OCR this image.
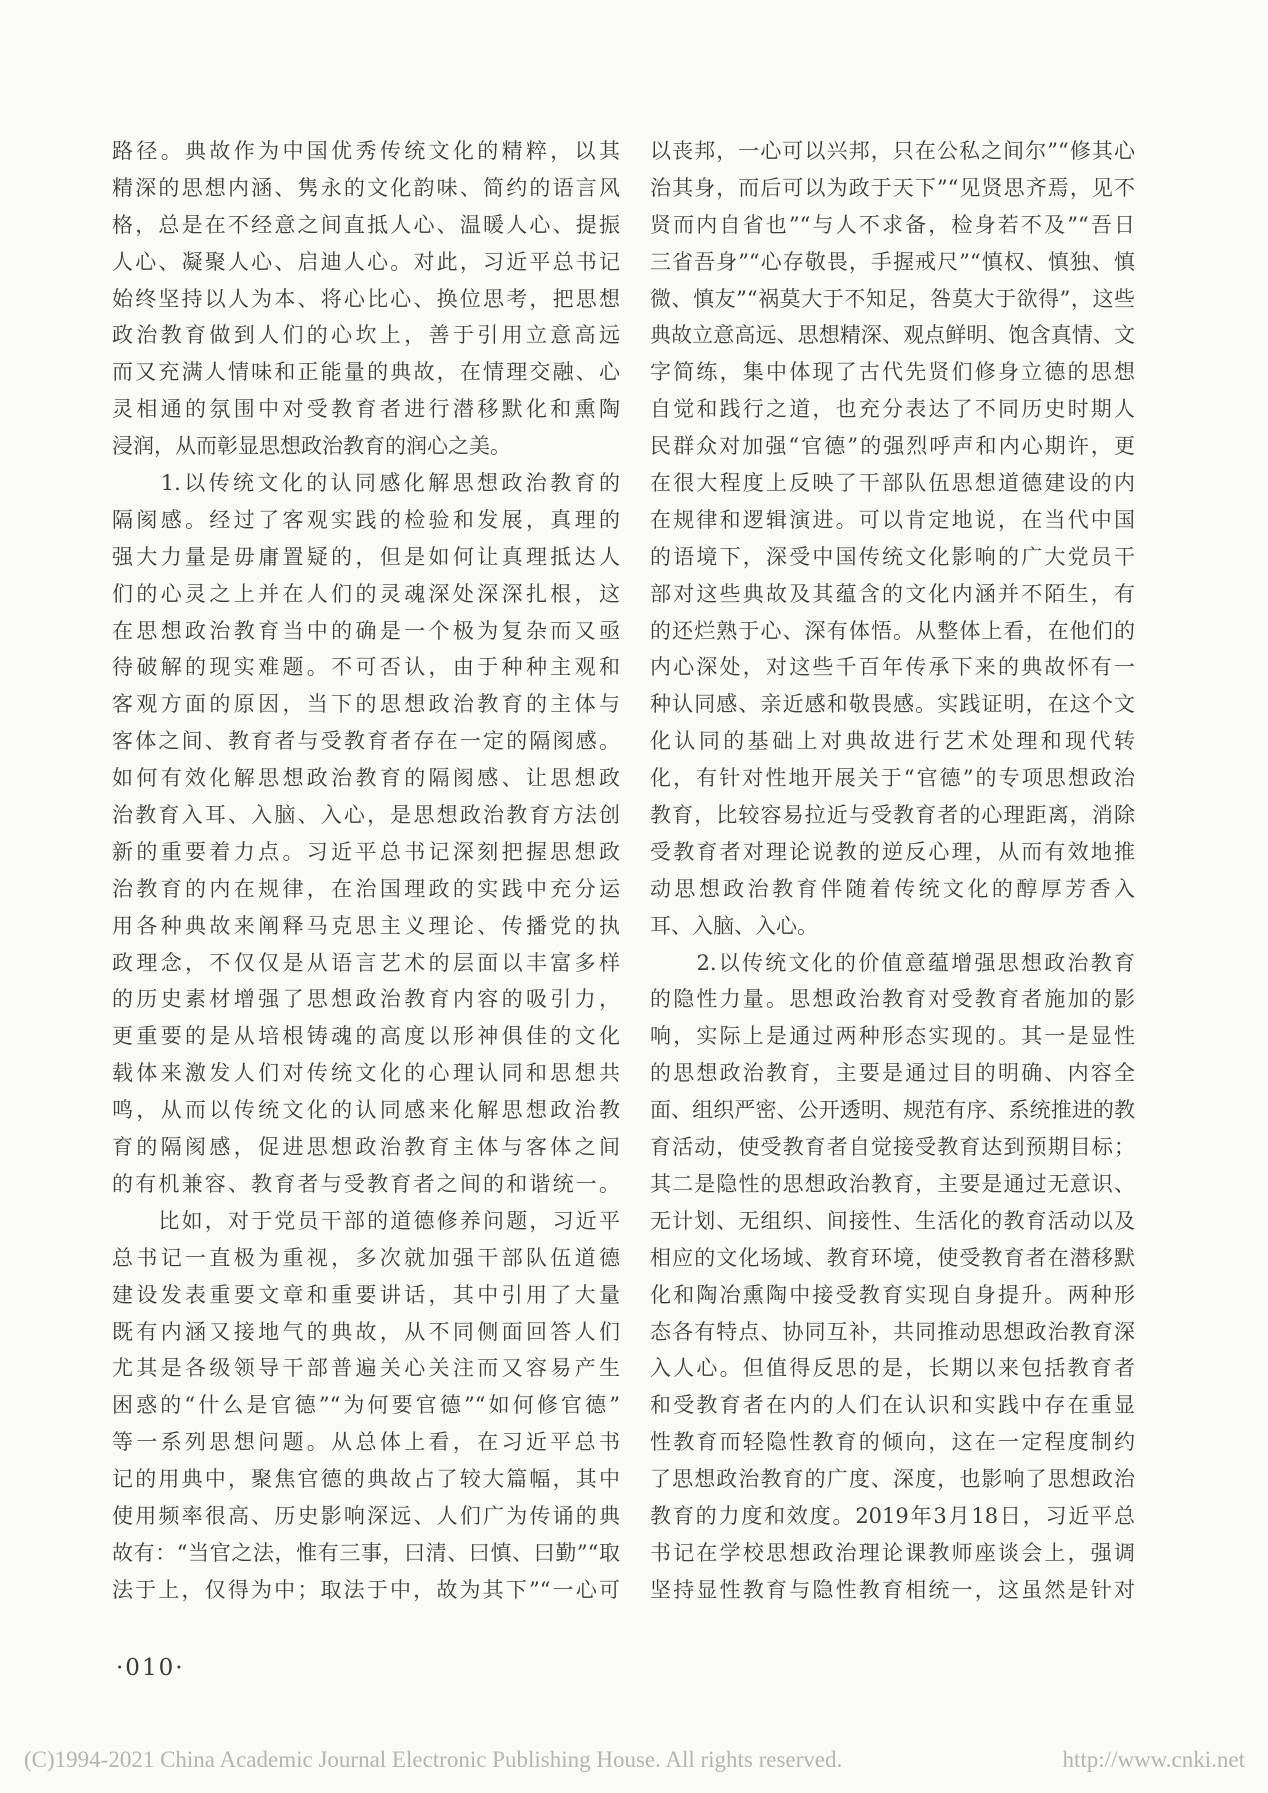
路径。典故作为中国优秀传统文化的精粹，以其
精深的思想内涵、隽永的文化韵味、简约的语言风
格，总是在不经意之间直抵人心、温暖人心、提振
人心、凝聚人心、启迪人心。对此，习近平总书记
始终坚持以人为本、将心比心、换位思考，把思想
政治教育做到人们的心坎上，善于引用立意高远
而又充满人情味和正能量的典故，在情理交融、心
灵相通的氛围中对受教育者进行潜移默化和熏陶
浸润，从而彰显思想政治教育的润心之美。
　　1.以传统文化的认同感化解思想政治教育的
隔阂感。经过了客观实践的检验和发展，真理的
强大力量是毋庸置疑的，但是如何让真理抵达人
们的心灵之上并在人们的灵魂深处深深扎根，这
在思想政治教育当中的确是一个极为复杂而又亟
待破解的现实难题。不可否认，由于种种主观和
客观方面的原因，当下的思想政治教育的主体与
客体之间、教育者与受教育者存在一定的隔阂感。
如何有效化解思想政治教育的隔阂感、让思想政
治教育入耳、入脑、入心，是思想政治教育方法创
新的重要着力点。习近平总书记深刻把握思想政
治教育的内在规律，在治国理政的实践中充分运
用各种典故来阐释马克思主义理论、传播党的执
政理念，不仅仅是从语言艺术的层面以丰富多样
的历史素材增强了思想政治教育内容的吸引力，
更重要的是从培根铸魂的高度以形神俱佳的文化
载体来激发人们对传统文化的心理认同和思想共
鸣，从而以传统文化的认同感来化解思想政治教
育的隔阂感，促进思想政治教育主体与客体之间
的有机兼容、教育者与受教育者之间的和谐统一。
　　比如，对于党员干部的道德修养问题，习近平
总书记一直极为重视，多次就加强干部队伍道德
建设发表重要文章和重要讲话，其中引用了大量
既有内涵又接地气的典故，从不同侧面回答人们
尤其是各级领导干部普遍关心关注而又容易产生
困惑的“什么是官德”“为何要官德”“如何修官德”
等一系列思想问题。从总体上看，在习近平总书
记的用典中，聚焦官德的典故占了较大篇幅，其中
使用频率很高、历史影响深远、人们广为传诵的典
故有：“当官之法，惟有三事，曰清、曰慎、曰勤”“取
法于上，仅得为中；取法于中，故为其下”“一心可
以丧邦，一心可以兴邦，只在公私之间尔”“修其心
治其身，而后可以为政于天下”“见贤思齐焉，见不
贤而内自省也”“与人不求备，检身若不及”“吾日
三省吾身”“心存敬畏，手握戒尺”“慎权、慎独、慎
微、慎友”“祸莫大于不知足，咎莫大于欲得”，这些
典故立意高远、思想精深、观点鲜明、饱含真情、文
字简练，集中体现了古代先贤们修身立德的思想
自觉和践行之道，也充分表达了不同历史时期人
民群众对加强“官德”的强烈呼声和内心期许，更
在很大程度上反映了干部队伍思想道德建设的内
在规律和逻辑演进。可以肯定地说，在当代中国
的语境下，深受中国传统文化影响的广大党员干
部对这些典故及其蕴含的文化内涵并不陌生，有
的还烂熟于心、深有体悟。从整体上看，在他们的
内心深处，对这些千百年传承下来的典故怀有一
种认同感、亲近感和敬畏感。实践证明，在这个文
化认同的基础上对典故进行艺术处理和现代转
化，有针对性地开展关于“官德”的专项思想政治
教育，比较容易拉近与受教育者的心理距离，消除
受教育者对理论说教的逆反心理，从而有效地推
动思想政治教育伴随着传统文化的醇厚芳香入
耳、入脑、入心。
　　2.以传统文化的价值意蕴增强思想政治教育
的隐性力量。思想政治教育对受教育者施加的影
响，实际上是通过两种形态实现的。其一是显性
的思想政治教育，主要是通过目的明确、内容全
面、组织严密、公开透明、规范有序、系统推进的教
育活动，使受教育者自觉接受教育达到预期目标；
其二是隐性的思想政治教育，主要是通过无意识、
无计划、无组织、间接性、生活化的教育活动以及
相应的文化场域、教育环境，使受教育者在潜移默
化和陶冶熏陶中接受教育实现自身提升。两种形
态各有特点、协同互补，共同推动思想政治教育深
入人心。但值得反思的是，长期以来包括教育者
和受教育者在内的人们在认识和实践中存在重显
性教育而轻隐性教育的倾向，这在一定程度制约
了思想政治教育的广度、深度，也影响了思想政治
教育的力度和效度。2019年3月18日，习近平总
书记在学校思想政治理论课教师座谈会上，强调
坚持显性教育与隐性教育相统一，这虽然是针对
·010·
(C)1994-2021 China Academic Journal Electronic Publishing House. All rights reserved.	http://www.cnki.net
